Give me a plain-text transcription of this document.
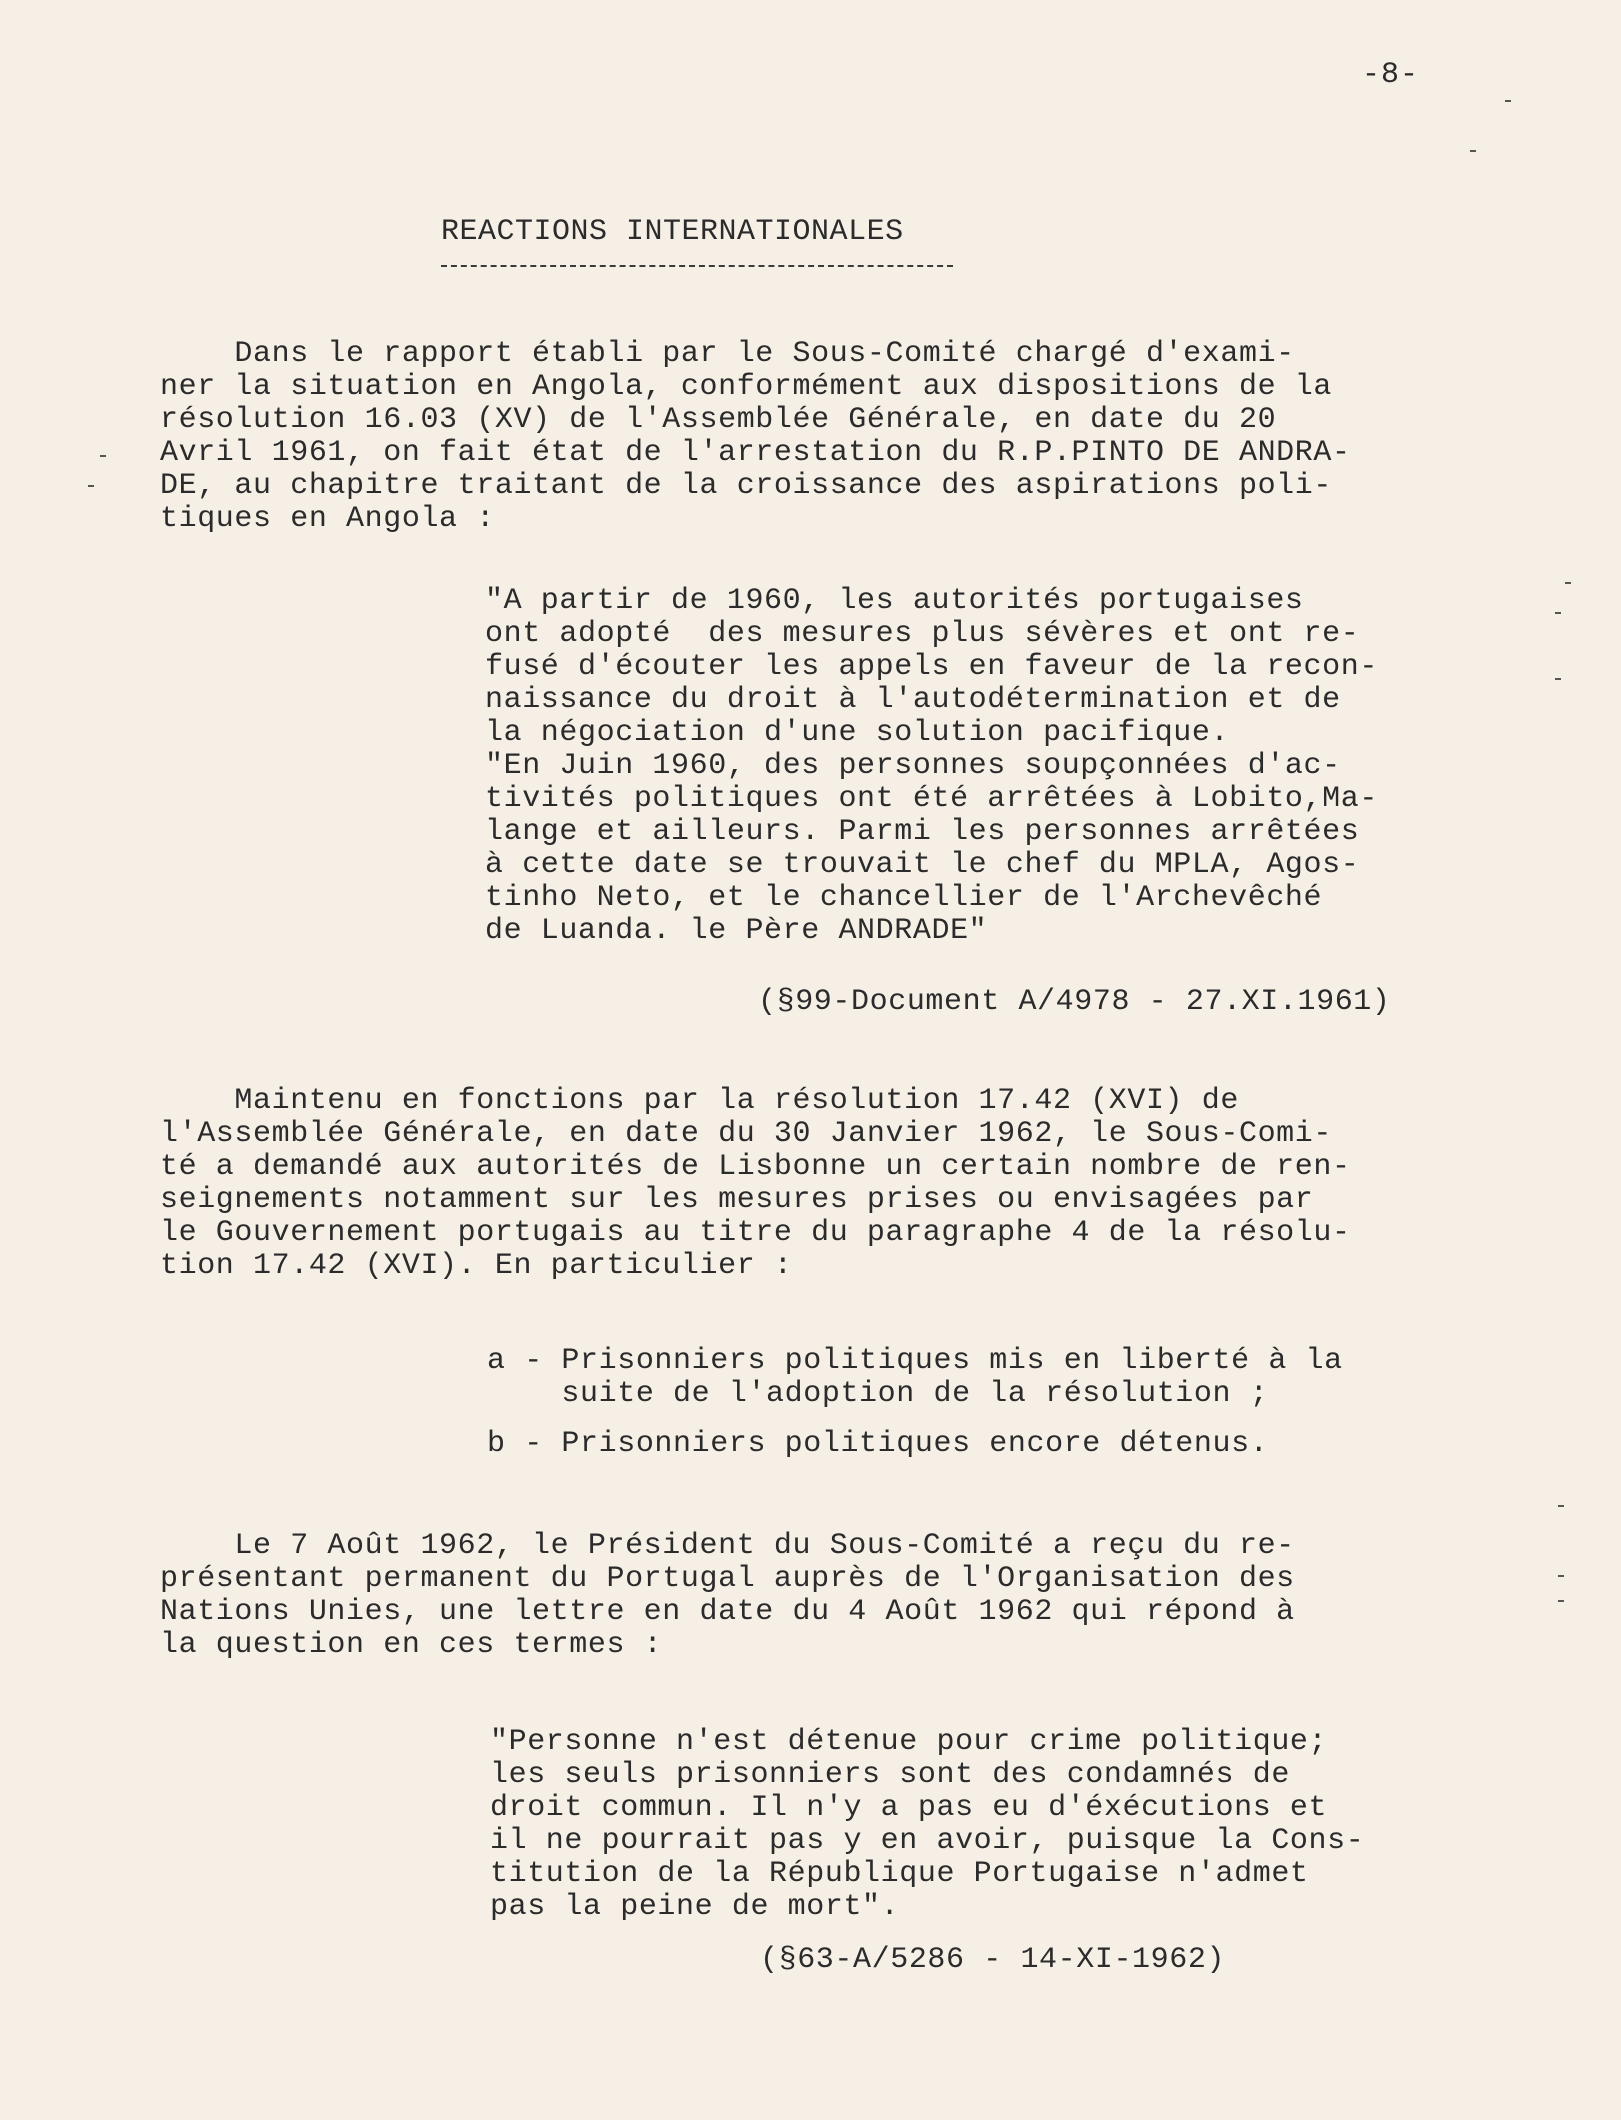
-8-
REACTIONS INTERNATIONALES
Dans le rapport établi par le Sous-Comité chargé d'exami-
ner la situation en Angola, conformément aux dispositions de la
résolution 16.03 (XV) de l'Assemblée Générale, en date du 20
Avril 1961, on fait état de l'arrestation du R.P.PINTO DE ANDRA-
DE, au chapitre traitant de la croissance des aspirations poli-
tiques en Angola :
"A partir de 1960, les autorités portugaises
ont adopté  des mesures plus sévères et ont re-
fusé d'écouter les appels en faveur de la recon-
naissance du droit à l'autodétermination et de
la négociation d'une solution pacifique.
"En Juin 1960, des personnes soupçonnées d'ac-
tivités politiques ont été arrêtées à Lobito,Ma-
lange et ailleurs. Parmi les personnes arrêtées
à cette date se trouvait le chef du MPLA, Agos-
tinho Neto, et le chancellier de l'Archevêché
de Luanda. le Père ANDRADE"
(§99-Document A/4978 - 27.XI.1961)
Maintenu en fonctions par la résolution 17.42 (XVI) de
l'Assemblée Générale, en date du 30 Janvier 1962, le Sous-Comi-
té a demandé aux autorités de Lisbonne un certain nombre de ren-
seignements notamment sur les mesures prises ou envisagées par
le Gouvernement portugais au titre du paragraphe 4 de la résolu-
tion 17.42 (XVI). En particulier :
a - Prisonniers politiques mis en liberté à la
suite de l'adoption de la résolution ;
b - Prisonniers politiques encore détenus.
Le 7 Août 1962, le Président du Sous-Comité a reçu du re-
présentant permanent du Portugal auprès de l'Organisation des
Nations Unies, une lettre en date du 4 Août 1962 qui répond à
la question en ces termes :
"Personne n'est détenue pour crime politique;
les seuls prisonniers sont des condamnés de
droit commun. Il n'y a pas eu d'éxécutions et
il ne pourrait pas y en avoir, puisque la Cons-
titution de la République Portugaise n'admet
pas la peine de mort".
(§63-A/5286 - 14-XI-1962)
